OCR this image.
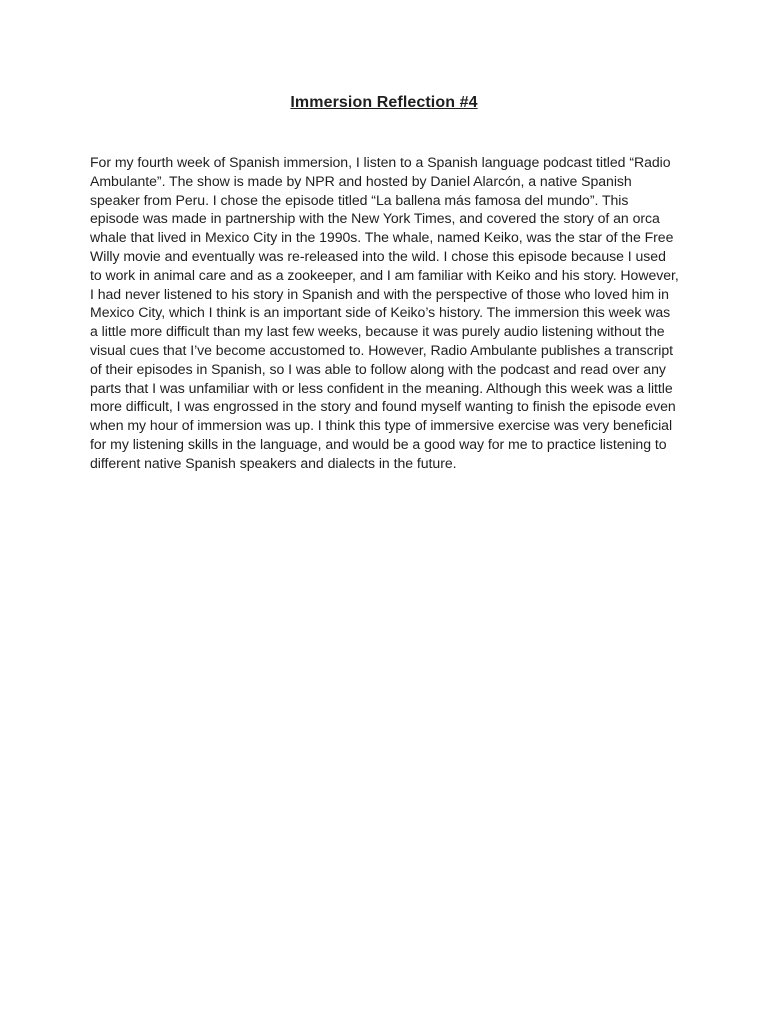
Immersion Reflection #4

For my fourth week of Spanish immersion, I listen to a Spanish language podcast titled “Radio Ambulante”. The show is made by NPR and hosted by Daniel Alarcón, a native Spanish speaker from Peru. I chose the episode titled “La ballena más famosa del mundo”. This episode was made in partnership with the New York Times, and covered the story of an orca whale that lived in Mexico City in the 1990s. The whale, named Keiko, was the star of the Free Willy movie and eventually was re-released into the wild. I chose this episode because I used to work in animal care and as a zookeeper, and I am familiar with Keiko and his story. However, I had never listened to his story in Spanish and with the perspective of those who loved him in Mexico City, which I think is an important side of Keiko’s history. The immersion this week was a little more difficult than my last few weeks, because it was purely audio listening without the visual cues that I’ve become accustomed to. However, Radio Ambulante publishes a transcript of their episodes in Spanish, so I was able to follow along with the podcast and read over any parts that I was unfamiliar with or less confident in the meaning. Although this week was a little more difficult, I was engrossed in the story and found myself wanting to finish the episode even when my hour of immersion was up. I think this type of immersive exercise was very beneficial for my listening skills in the language, and would be a good way for me to practice listening to different native Spanish speakers and dialects in the future.
